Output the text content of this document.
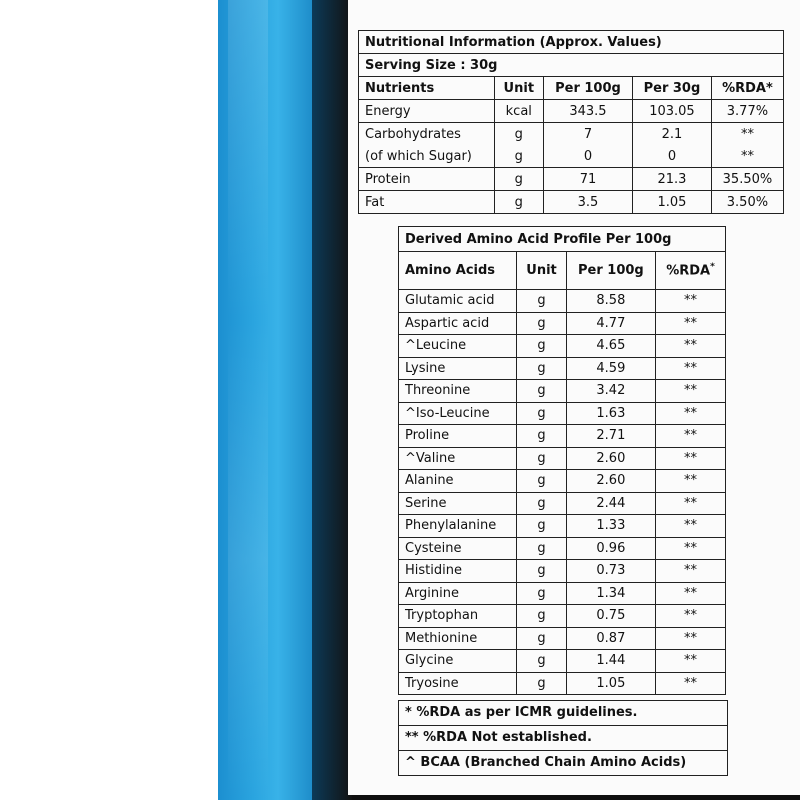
Nutritional Information (Approx. Values)				
Serving Size : 30g				
Nutrients	Unit	Per 100g	Per 30g	%RDA*
Energy	kcal	343.5	103.05	3.77%
Carbohydrates	g	7	2.1	**
(of which Sugar)	g	0	0	**
Protein	g	71	21.3	35.50%
Fat	g	3.5	1.05	3.50%
Derived Amino Acid Profile Per 100g			
Amino Acids	Unit	Per 100g	%RDA*
Glutamic acid	g	8.58	**
Aspartic acid	g	4.77	**
^Leucine	g	4.65	**
Lysine	g	4.59	**
Threonine	g	3.42	**
^Iso-Leucine	g	1.63	**
Proline	g	2.71	**
^Valine	g	2.60	**
Alanine	g	2.60	**
Serine	g	2.44	**
Phenylalanine	g	1.33	**
Cysteine	g	0.96	**
Histidine	g	0.73	**
Arginine	g	1.34	**
Tryptophan	g	0.75	**
Methionine	g	0.87	**
Glycine	g	1.44	**
Tryosine	g	1.05	**
* %RDA as per ICMR guidelines.
** %RDA Not established.
^ BCAA (Branched Chain Amino Acids)
